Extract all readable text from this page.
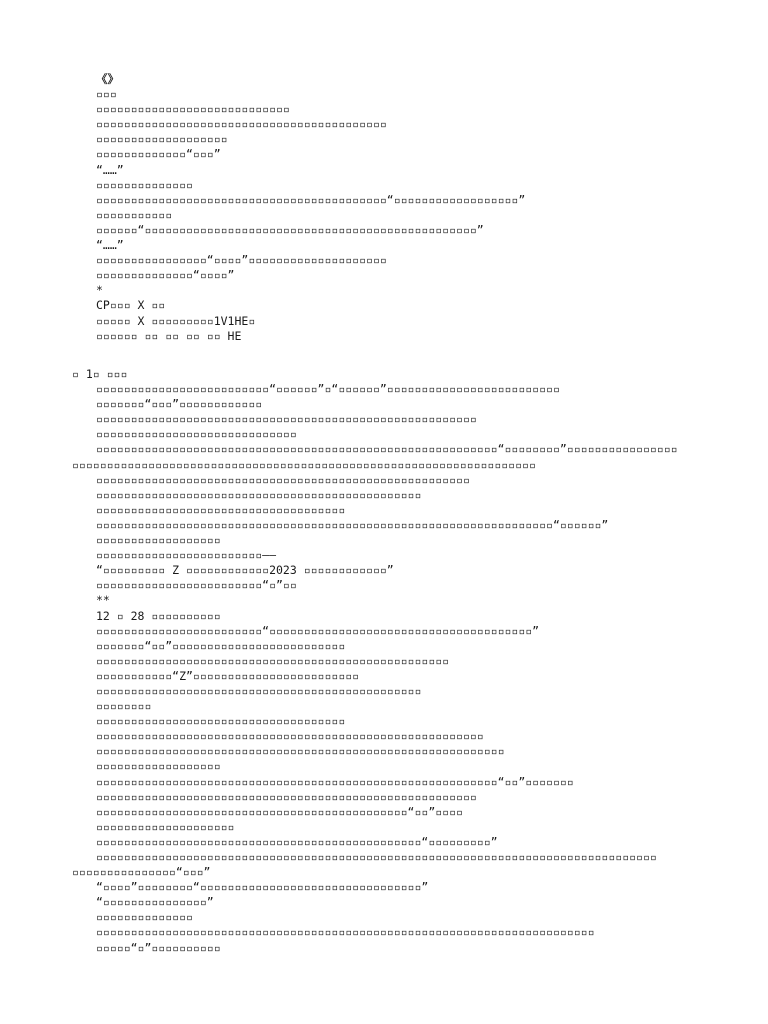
《》
▫▫▫
▫▫▫▫▫▫▫▫▫▫▫▫▫▫▫▫▫▫▫▫▫▫▫▫▫▫▫▫
▫▫▫▫▫▫▫▫▫▫▫▫▫▫▫▫▫▫▫▫▫▫▫▫▫▫▫▫▫▫▫▫▫▫▫▫▫▫▫▫▫▫
▫▫▫▫▫▫▫▫▫▫▫▫▫▫▫▫▫▫▫
▫▫▫▫▫▫▫▫▫▫▫▫▫“▫▫▫”
“……”
▫▫▫▫▫▫▫▫▫▫▫▫▫▫
▫▫▫▫▫▫▫▫▫▫▫▫▫▫▫▫▫▫▫▫▫▫▫▫▫▫▫▫▫▫▫▫▫▫▫▫▫▫▫▫▫▫“▫▫▫▫▫▫▫▫▫▫▫▫▫▫▫▫▫▫”
▫▫▫▫▫▫▫▫▫▫▫
▫▫▫▫▫▫“▫▫▫▫▫▫▫▫▫▫▫▫▫▫▫▫▫▫▫▫▫▫▫▫▫▫▫▫▫▫▫▫▫▫▫▫▫▫▫▫▫▫▫▫▫▫▫▫”
“……”
▫▫▫▫▫▫▫▫▫▫▫▫▫▫▫▫“▫▫▫▫”▫▫▫▫▫▫▫▫▫▫▫▫▫▫▫▫▫▫▫▫
▫▫▫▫▫▫▫▫▫▫▫▫▫▫“▫▫▫▫”
*
CP▫▫▫ X ▫▫
▫▫▫▫▫ X ▫▫▫▫▫▫▫▫▫1V1HE▫
▫▫▫▫▫▫ ▫▫ ▫▫ ▫▫ ▫▫ HE
▫ 1▫ ▫▫▫
▫▫▫▫▫▫▫▫▫▫▫▫▫▫▫▫▫▫▫▫▫▫▫▫▫“▫▫▫▫▫▫”▫“▫▫▫▫▫▫”▫▫▫▫▫▫▫▫▫▫▫▫▫▫▫▫▫▫▫▫▫▫▫▫▫
▫▫▫▫▫▫▫“▫▫▫”▫▫▫▫▫▫▫▫▫▫▫▫
▫▫▫▫▫▫▫▫▫▫▫▫▫▫▫▫▫▫▫▫▫▫▫▫▫▫▫▫▫▫▫▫▫▫▫▫▫▫▫▫▫▫▫▫▫▫▫▫▫▫▫▫▫▫▫
▫▫▫▫▫▫▫▫▫▫▫▫▫▫▫▫▫▫▫▫▫▫▫▫▫▫▫▫▫
▫▫▫▫▫▫▫▫▫▫▫▫▫▫▫▫▫▫▫▫▫▫▫▫▫▫▫▫▫▫▫▫▫▫▫▫▫▫▫▫▫▫▫▫▫▫▫▫▫▫▫▫▫▫▫▫▫▫“▫▫▫▫▫▫▫▫”▫▫▫▫▫▫▫▫▫▫▫▫▫▫▫▫
▫▫▫▫▫▫▫▫▫▫▫▫▫▫▫▫▫▫▫▫▫▫▫▫▫▫▫▫▫▫▫▫▫▫▫▫▫▫▫▫▫▫▫▫▫▫▫▫▫▫▫▫▫▫▫▫▫▫▫▫▫▫▫▫▫▫▫
▫▫▫▫▫▫▫▫▫▫▫▫▫▫▫▫▫▫▫▫▫▫▫▫▫▫▫▫▫▫▫▫▫▫▫▫▫▫▫▫▫▫▫▫▫▫▫▫▫▫▫▫▫▫
▫▫▫▫▫▫▫▫▫▫▫▫▫▫▫▫▫▫▫▫▫▫▫▫▫▫▫▫▫▫▫▫▫▫▫▫▫▫▫▫▫▫▫▫▫▫▫
▫▫▫▫▫▫▫▫▫▫▫▫▫▫▫▫▫▫▫▫▫▫▫▫▫▫▫▫▫▫▫▫▫▫▫▫
▫▫▫▫▫▫▫▫▫▫▫▫▫▫▫▫▫▫▫▫▫▫▫▫▫▫▫▫▫▫▫▫▫▫▫▫▫▫▫▫▫▫▫▫▫▫▫▫▫▫▫▫▫▫▫▫▫▫▫▫▫▫▫▫▫▫“▫▫▫▫▫▫”
▫▫▫▫▫▫▫▫▫▫▫▫▫▫▫▫▫▫
▫▫▫▫▫▫▫▫▫▫▫▫▫▫▫▫▫▫▫▫▫▫▫▫——
“▫▫▫▫▫▫▫▫▫ Z ▫▫▫▫▫▫▫▫▫▫▫▫2023 ▫▫▫▫▫▫▫▫▫▫▫▫”
▫▫▫▫▫▫▫▫▫▫▫▫▫▫▫▫▫▫▫▫▫▫▫▫“▫”▫▫
**
12 ▫ 28 ▫▫▫▫▫▫▫▫▫▫
▫▫▫▫▫▫▫▫▫▫▫▫▫▫▫▫▫▫▫▫▫▫▫▫“▫▫▫▫▫▫▫▫▫▫▫▫▫▫▫▫▫▫▫▫▫▫▫▫▫▫▫▫▫▫▫▫▫▫▫▫▫▫”
▫▫▫▫▫▫▫“▫▫”▫▫▫▫▫▫▫▫▫▫▫▫▫▫▫▫▫▫▫▫▫▫▫▫▫
▫▫▫▫▫▫▫▫▫▫▫▫▫▫▫▫▫▫▫▫▫▫▫▫▫▫▫▫▫▫▫▫▫▫▫▫▫▫▫▫▫▫▫▫▫▫▫▫▫▫▫
▫▫▫▫▫▫▫▫▫▫▫“Z”▫▫▫▫▫▫▫▫▫▫▫▫▫▫▫▫▫▫▫▫▫▫▫▫
▫▫▫▫▫▫▫▫▫▫▫▫▫▫▫▫▫▫▫▫▫▫▫▫▫▫▫▫▫▫▫▫▫▫▫▫▫▫▫▫▫▫▫▫▫▫▫
▫▫▫▫▫▫▫▫
▫▫▫▫▫▫▫▫▫▫▫▫▫▫▫▫▫▫▫▫▫▫▫▫▫▫▫▫▫▫▫▫▫▫▫▫
▫▫▫▫▫▫▫▫▫▫▫▫▫▫▫▫▫▫▫▫▫▫▫▫▫▫▫▫▫▫▫▫▫▫▫▫▫▫▫▫▫▫▫▫▫▫▫▫▫▫▫▫▫▫▫▫
▫▫▫▫▫▫▫▫▫▫▫▫▫▫▫▫▫▫▫▫▫▫▫▫▫▫▫▫▫▫▫▫▫▫▫▫▫▫▫▫▫▫▫▫▫▫▫▫▫▫▫▫▫▫▫▫▫▫▫
▫▫▫▫▫▫▫▫▫▫▫▫▫▫▫▫▫▫
▫▫▫▫▫▫▫▫▫▫▫▫▫▫▫▫▫▫▫▫▫▫▫▫▫▫▫▫▫▫▫▫▫▫▫▫▫▫▫▫▫▫▫▫▫▫▫▫▫▫▫▫▫▫▫▫▫▫“▫▫”▫▫▫▫▫▫▫
▫▫▫▫▫▫▫▫▫▫▫▫▫▫▫▫▫▫▫▫▫▫▫▫▫▫▫▫▫▫▫▫▫▫▫▫▫▫▫▫▫▫▫▫▫▫▫▫▫▫▫▫▫▫▫
▫▫▫▫▫▫▫▫▫▫▫▫▫▫▫▫▫▫▫▫▫▫▫▫▫▫▫▫▫▫▫▫▫▫▫▫▫▫▫▫▫▫▫▫▫“▫▫”▫▫▫▫
▫▫▫▫▫▫▫▫▫▫▫▫▫▫▫▫▫▫▫▫
▫▫▫▫▫▫▫▫▫▫▫▫▫▫▫▫▫▫▫▫▫▫▫▫▫▫▫▫▫▫▫▫▫▫▫▫▫▫▫▫▫▫▫▫▫▫▫“▫▫▫▫▫▫▫▫▫”
▫▫▫▫▫▫▫▫▫▫▫▫▫▫▫▫▫▫▫▫▫▫▫▫▫▫▫▫▫▫▫▫▫▫▫▫▫▫▫▫▫▫▫▫▫▫▫▫▫▫▫▫▫▫▫▫▫▫▫▫▫▫▫▫▫▫▫▫▫▫▫▫▫▫▫▫▫▫▫▫▫
▫▫▫▫▫▫▫▫▫▫▫▫▫▫▫“▫▫▫”
“▫▫▫▫”▫▫▫▫▫▫▫▫“▫▫▫▫▫▫▫▫▫▫▫▫▫▫▫▫▫▫▫▫▫▫▫▫▫▫▫▫▫▫▫▫”
“▫▫▫▫▫▫▫▫▫▫▫▫▫▫▫”
▫▫▫▫▫▫▫▫▫▫▫▫▫▫
▫▫▫▫▫▫▫▫▫▫▫▫▫▫▫▫▫▫▫▫▫▫▫▫▫▫▫▫▫▫▫▫▫▫▫▫▫▫▫▫▫▫▫▫▫▫▫▫▫▫▫▫▫▫▫▫▫▫▫▫▫▫▫▫▫▫▫▫▫▫▫▫
▫▫▫▫▫“▫”▫▫▫▫▫▫▫▫▫▫
